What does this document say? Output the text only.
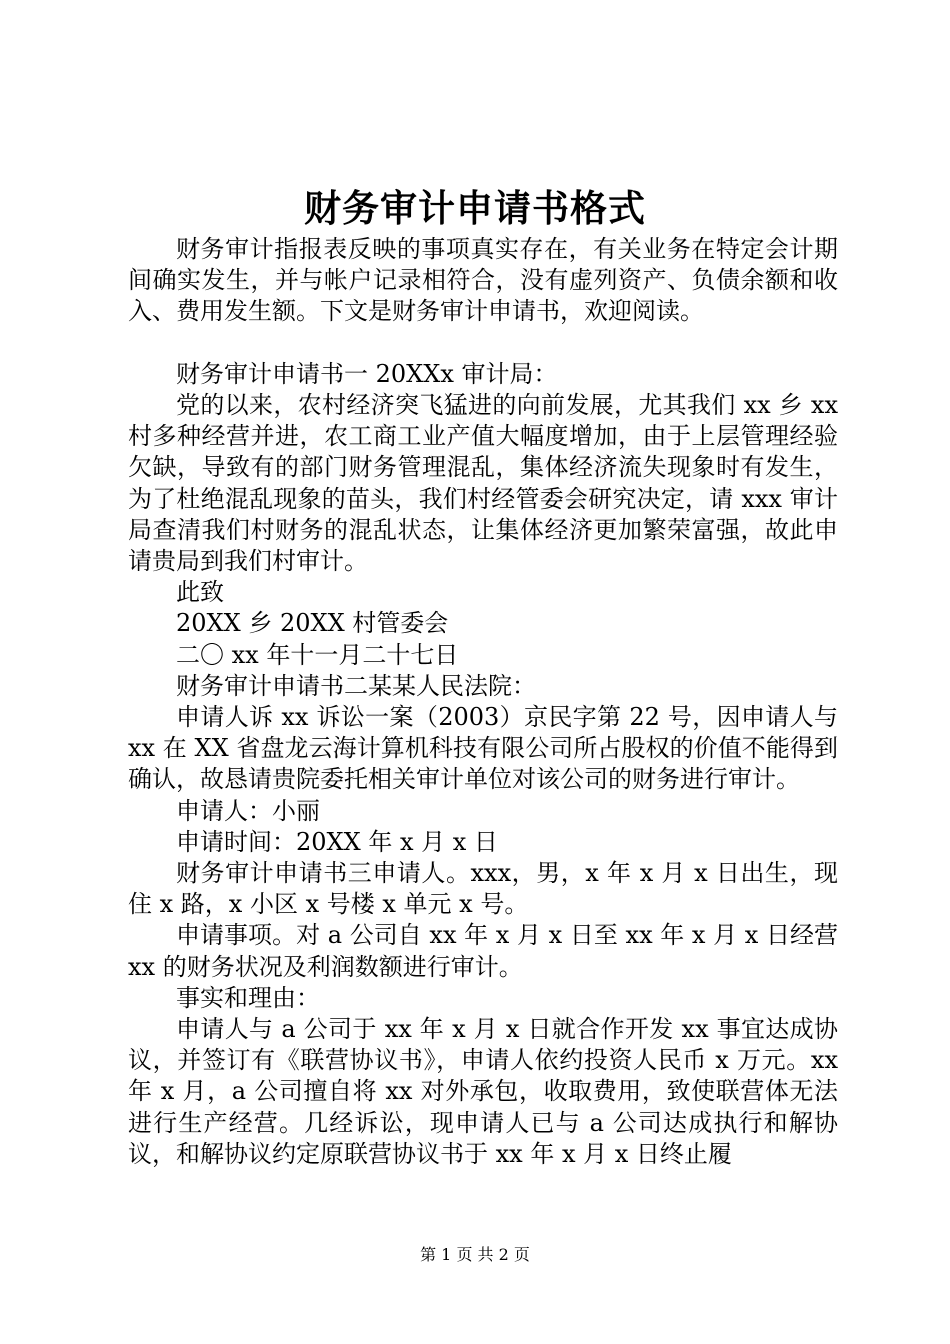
财务审计申请书格式

财务审计指报表反映的事项真实存在，有关业务在特定会计期间确实发生，并与帐户记录相符合，没有虚列资产、负债余额和收入、费用发生额。下文是财务审计申请书，欢迎阅读。

财务审计申请书一 20XXx 审计局：

党的以来，农村经济突飞猛进的向前发展，尤其我们 xx 乡 xx 村多种经营并进，农工商工业产值大幅度增加，由于上层管理经验欠缺，导致有的部门财务管理混乱，集体经济流失现象时有发生，为了杜绝混乱现象的苗头，我们村经管委会研究决定，请 xxx 审计局查清我们村财务的混乱状态，让集体经济更加繁荣富强，故此申请贵局到我们村审计。

此致

20XX 乡 20XX 村管委会

二〇 xx 年十一月二十七日

财务审计申请书二某某人民法院：

申请人诉 xx 诉讼一案（2003）京民字第 22 号，因申请人与 xx 在 XX 省盘龙云海计算机科技有限公司所占股权的价值不能得到确认，故恳请贵院委托相关审计单位对该公司的财务进行审计。

申请人：小丽

申请时间：20XX 年 x 月 x 日

财务审计申请书三申请人。xxx，男，x 年 x 月 x 日出生，现住 x 路，x 小区 x 号楼 x 单元 x 号。

申请事项。对 a 公司自 xx 年 x 月 x 日至 xx 年 x 月 x 日经营 xx 的财务状况及利润数额进行审计。

事实和理由：

申请人与 a 公司于 xx 年 x 月 x 日就合作开发 xx 事宜达成协议，并签订有《联营协议书》，申请人依约投资人民币 x 万元。xx 年 x 月，a 公司擅自将 xx 对外承包，收取费用，致使联营体无法进行生产经营。几经诉讼，现申请人已与 a 公司达成执行和解协议，和解协议约定原联营协议书于 xx 年 x 月 x 日终止履

第 1 页 共 2 页
